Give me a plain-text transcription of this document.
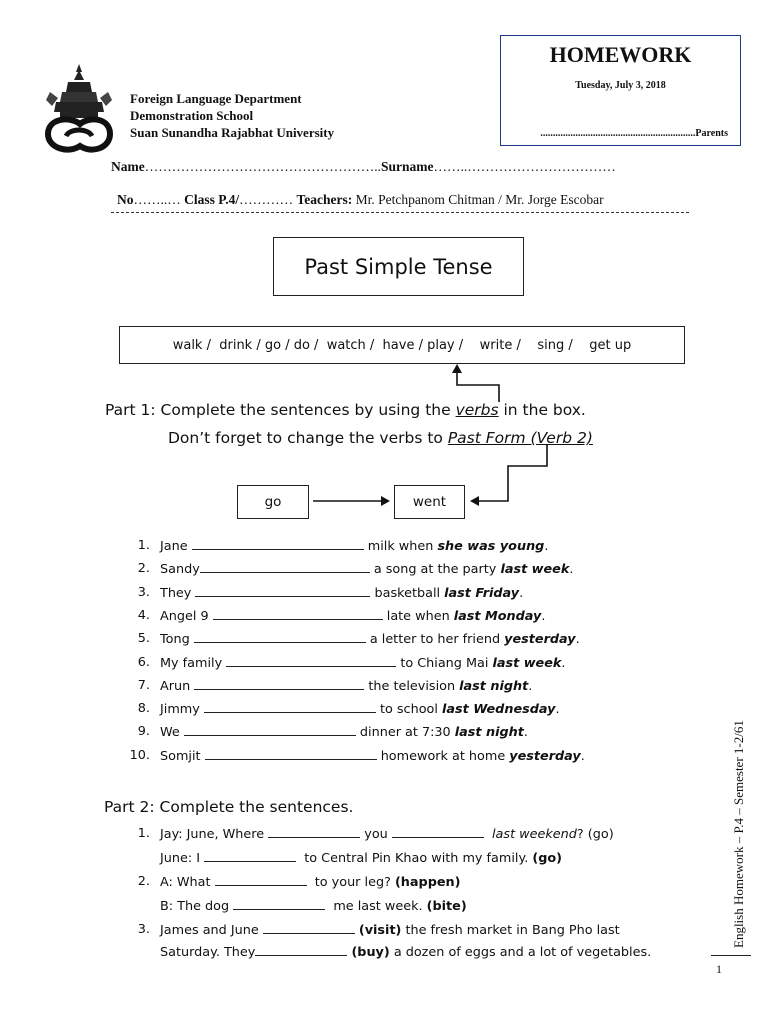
Foreign Language Department
Demonstration School
Suan Sunandha Rajabhat University
HOMEWORK
Tuesday, July 3, 2018
..............................................................Parents
Name……………………………………………..Surname……..……………………………
No……..… Class P.4/………… Teachers: Mr. Petchpanom Chitman / Mr. Jorge Escobar
Past Simple Tense
walk /  drink / go / do /  watch /  have / play /    write /    sing /    get up
Part 1: Complete the sentences by using the verbs in the box.
Don’t forget to change the verbs to Past Form (Verb 2)
go	went
1. Jane	milk when she was young.
2. Sandy	a song at the party last week.
3. They	basketball last Friday.
4. Angel 9	late when last Monday.
5. Tong	a letter to her friend yesterday.
6. My family	to Chiang Mai last week.
7. Arun	the television last night.
8. Jimmy	to school last Wednesday.
9. We	dinner at 7:30 last night.
10. Somjit	homework at home yesterday.
Part 2: Complete the sentences.
1. Jay: June, Where	you	last weekend? (go)
June: I	to Central Pin Khao with my family. (go)
2. A: What	to your leg? (happen)
B: The dog	me last week. (bite)
3. James and June	(visit) the fresh market in Bang Pho last
Saturday. They	(buy) a dozen of eggs and a lot of vegetables.
English Homework – P.4 – Semester 1-2/61
1
